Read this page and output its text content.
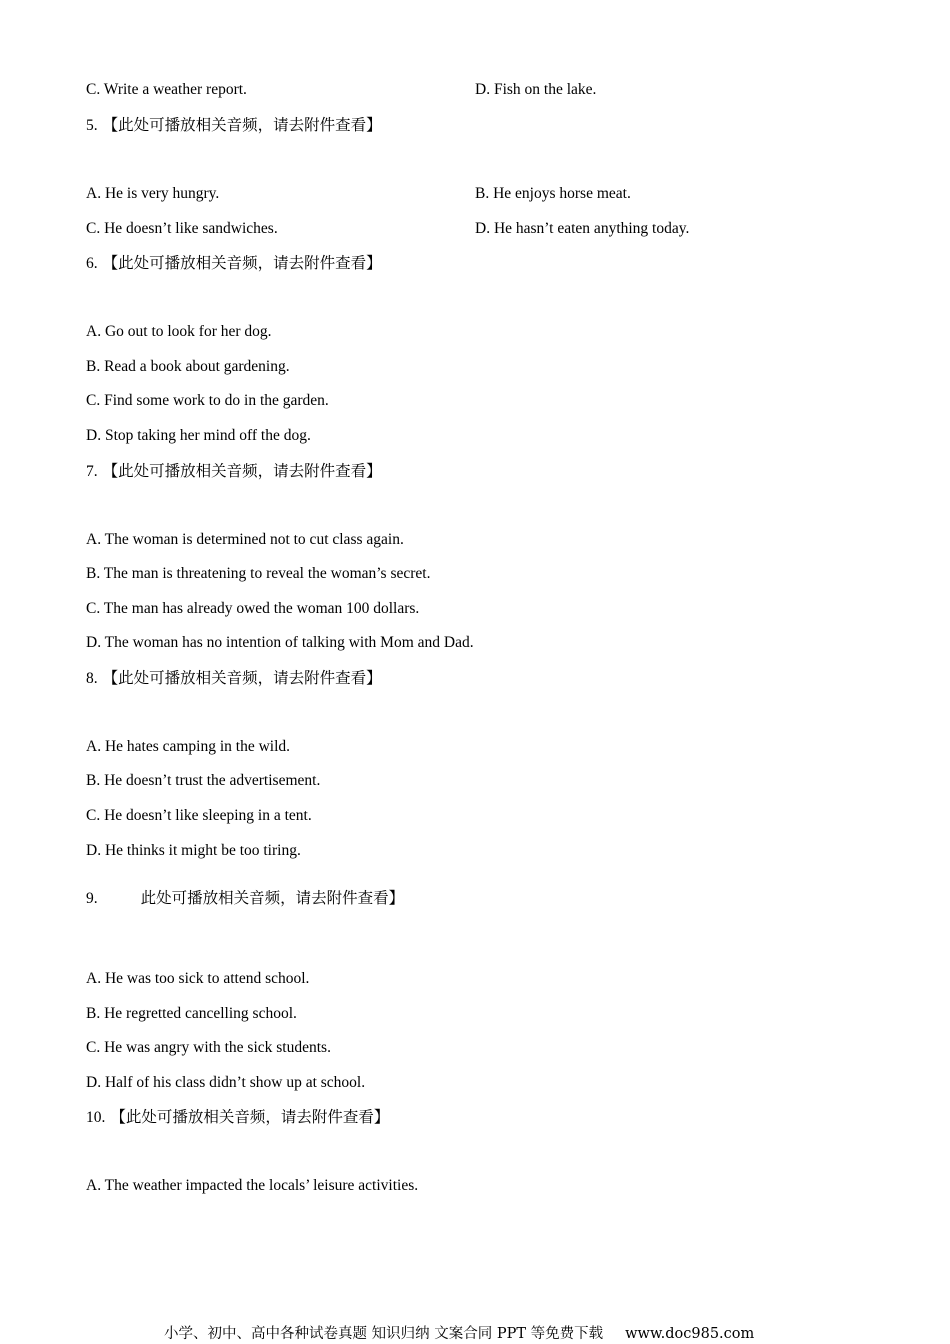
C. Write a weather report.	D. Fish on the lake.
5. 【此处可播放相关音频，请去附件查看】
A. He is very hungry.	B. He enjoys horse meat.
C. He doesn’t like sandwiches.	D. He hasn’t eaten anything today.
6. 【此处可播放相关音频，请去附件查看】
A. Go out to look for her dog.
B. Read a book about gardening.
C. Find some work to do in the garden.
D. Stop taking her mind off the dog.
7. 【此处可播放相关音频，请去附件查看】
A. The woman is determined not to cut class again.
B. The man is threatening to reveal the woman’s secret.
C. The man has already owed the woman 100 dollars.
D. The woman has no intention of talking with Mom and Dad.
8. 【此处可播放相关音频，请去附件查看】
A. He hates camping in the wild.
B. He doesn’t trust the advertisement.
C. He doesn’t like sleeping in a tent.
D. He thinks it might be too tiring.
9.	此处可播放相关音频，请去附件查看】
A. He was too sick to attend school.
B. He regretted cancelling school.
C. He was angry with the sick students.
D. Half of his class didn’t show up at school.
10. 【此处可播放相关音频，请去附件查看】
A. The weather impacted the locals’ leisure activities.
小学、初中、高中各种试卷真题 知识归纳 文案合同 PPT 等免费下载 www.doc985.com
